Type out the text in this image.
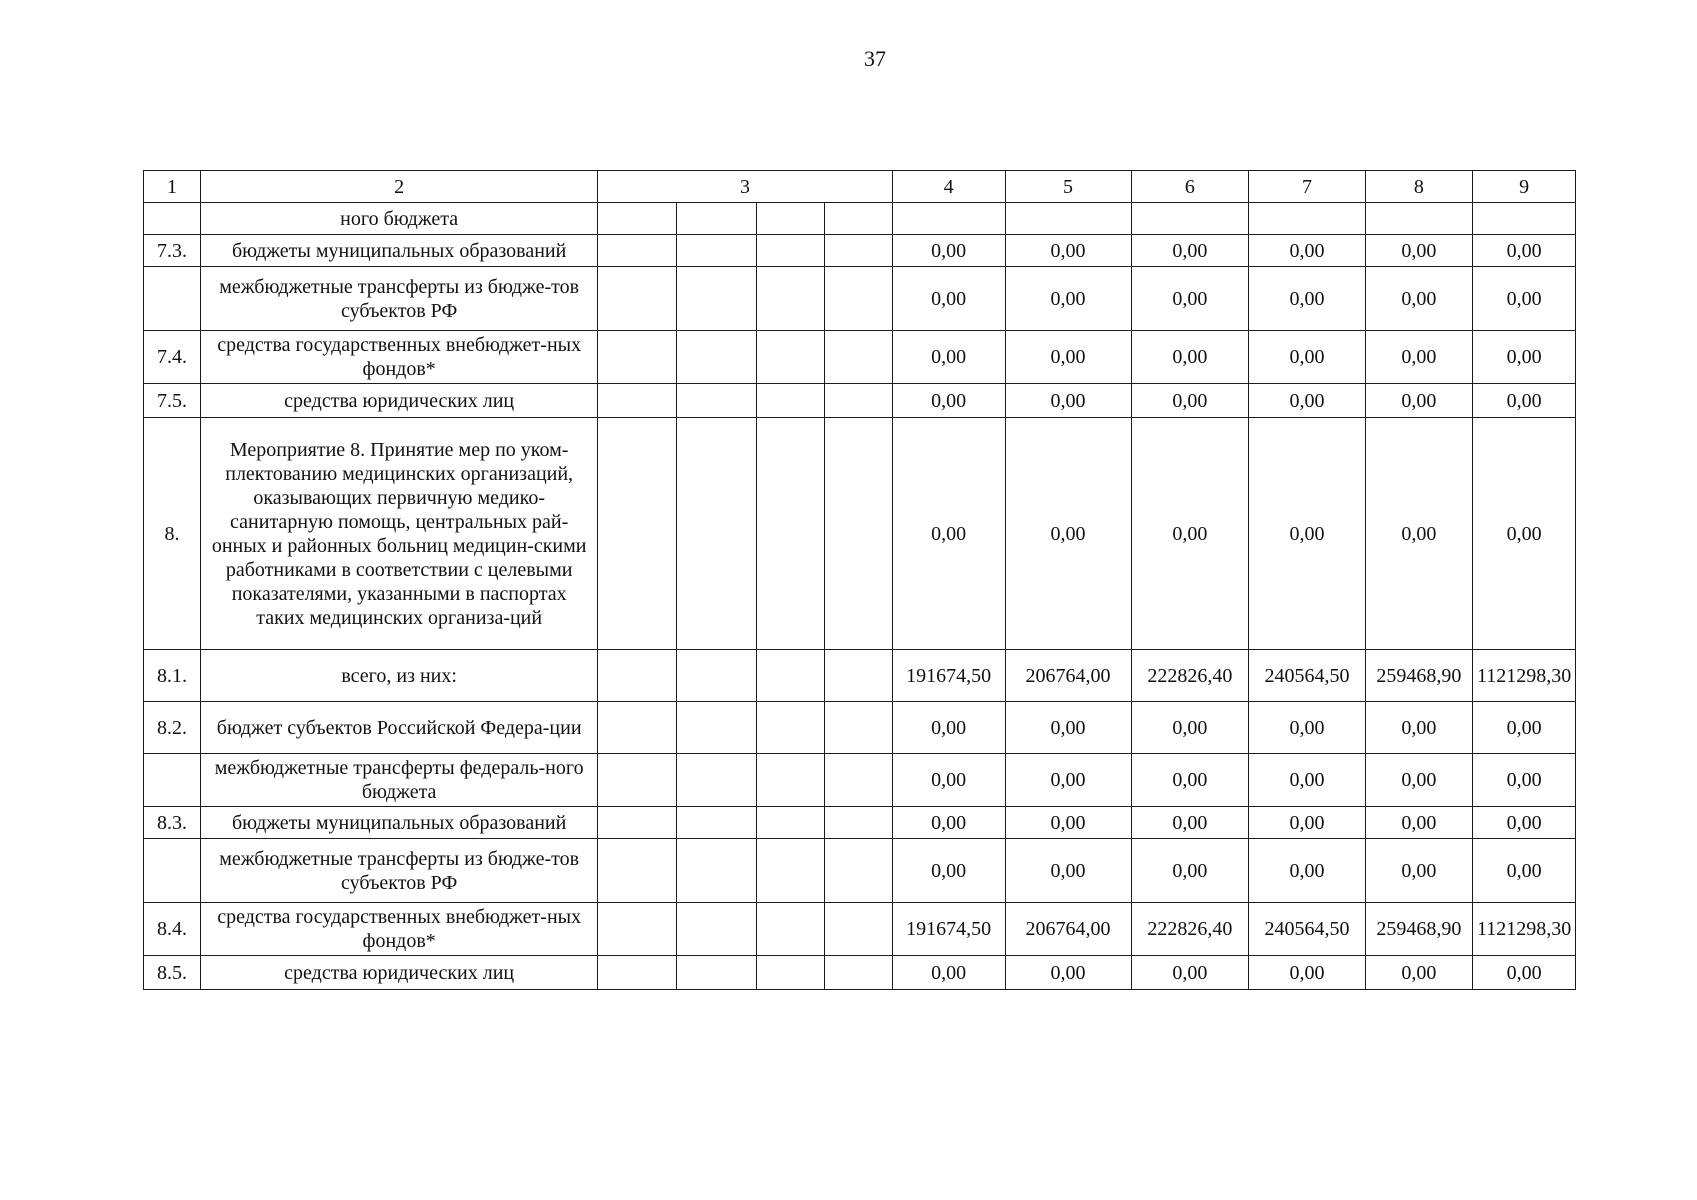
37
1	2	3				4	5	6	7	8	9
	ного бюджета										
7.3.	бюджеты муниципальных образований					0,00	0,00	0,00	0,00	0,00	0,00
	межбюджетные трансферты из бюдже-тов субъектов РФ					0,00	0,00	0,00	0,00	0,00	0,00
7.4.	средства государственных внебюджет-ных фондов*					0,00	0,00	0,00	0,00	0,00	0,00
7.5.	средства юридических лиц					0,00	0,00	0,00	0,00	0,00	0,00
8.	Мероприятие 8. Принятие мер по уком-плектованию медицинских организаций, оказывающих первичную медико-санитарную помощь, центральных рай-онных и районных больниц медицин-скими работниками в соответствии с целевыми показателями, указанными в паспортах таких медицинских организа-ций					0,00	0,00	0,00	0,00	0,00	0,00
8.1.	всего, из них:					191674,50	206764,00	222826,40	240564,50	259468,90	1121298,30
8.2.	бюджет субъектов Российской Федера-ции					0,00	0,00	0,00	0,00	0,00	0,00
	межбюджетные трансферты федераль-ного бюджета					0,00	0,00	0,00	0,00	0,00	0,00
8.3.	бюджеты муниципальных образований					0,00	0,00	0,00	0,00	0,00	0,00
	межбюджетные трансферты из бюдже-тов субъектов РФ					0,00	0,00	0,00	0,00	0,00	0,00
8.4.	средства государственных внебюджет-ных фондов*					191674,50	206764,00	222826,40	240564,50	259468,90	1121298,30
8.5.	средства юридических лиц					0,00	0,00	0,00	0,00	0,00	0,00
